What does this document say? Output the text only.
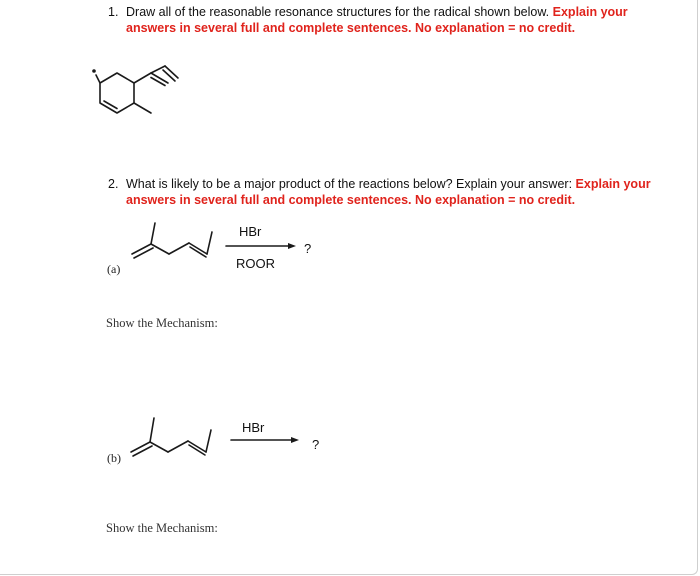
1. Draw all of the reasonable resonance structures for the radical shown below. Explain your answers in several full and complete sentences. No explanation = no credit.
2. What is likely to be a major product of the reactions below? Explain your answer: Explain your answers in several full and complete sentences. No explanation = no credit.
HBr
ROOR
?
(a)
Show the Mechanism:
HBr
?
(b)
Show the Mechanism:
